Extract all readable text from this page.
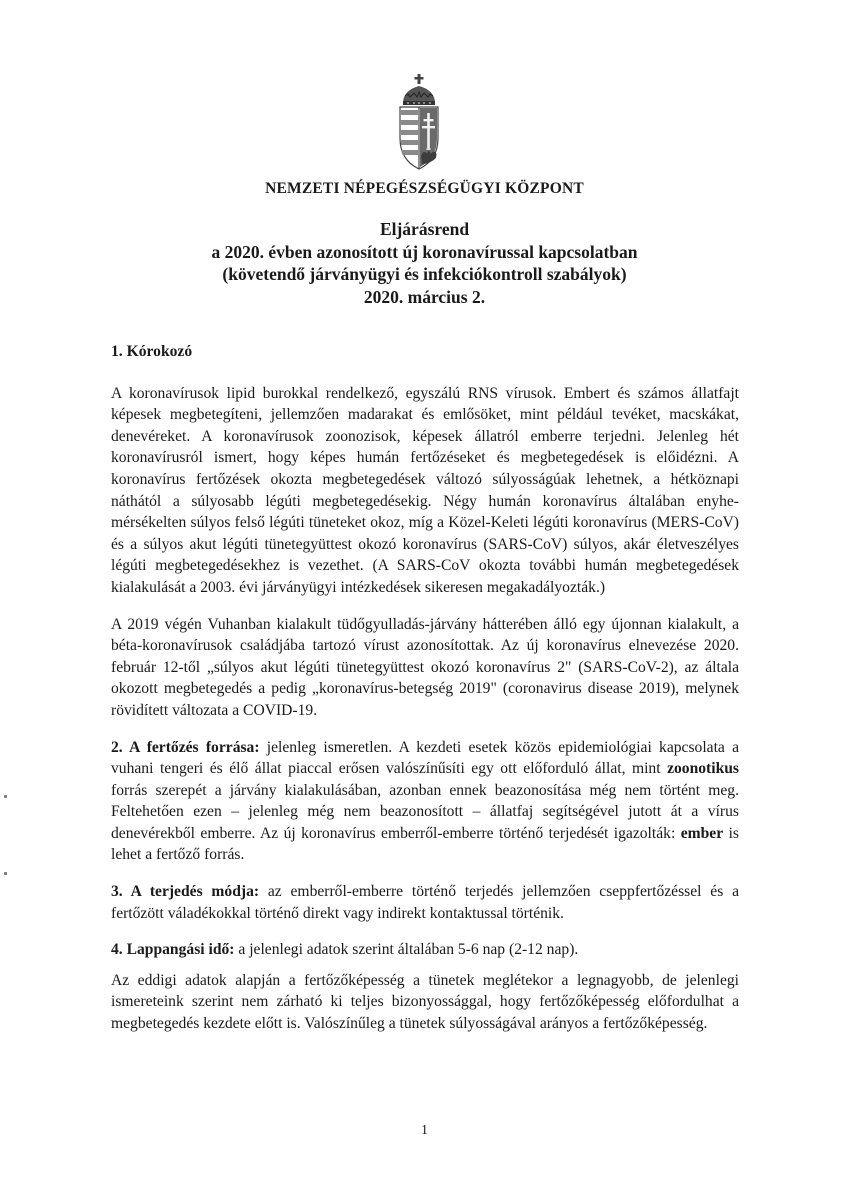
NEMZETI NÉPEGÉSZSÉGÜGYI KÖZPONT
Eljárásrend
a 2020. évben azonosított új koronavírussal kapcsolatban
(követendő járványügyi és infekciókontroll szabályok)
2020. március 2.
1. Kórokozó

A koronavírusok lipid burokkal rendelkező, egyszálú RNS vírusok. Embert és számos állatfajt képesek megbetegíteni, jellemzően madarakat és emlősöket, mint például tevéket, macskákat, denevéreket. A koronavírusok zoonozisok, képesek állatról emberre terjedni. Jelenleg hét koronavírusról ismert, hogy képes humán fertőzéseket és megbetegedések is előidézni. A koronavírus fertőzések okozta megbetegedések változó súlyosságúak lehetnek, a hétköznapi náthától a súlyosabb légúti megbetegedésekig. Négy humán koronavírus általában enyhe- mérsékelten súlyos felső légúti tüneteket okoz, míg a Közel-Keleti légúti koronavírus (MERS-CoV) és a súlyos akut légúti tünetegyüttest okozó koronavírus (SARS-CoV) súlyos, akár életveszélyes légúti megbetegedésekhez is vezethet. (A SARS-CoV okozta további humán megbetegedések kialakulását a 2003. évi járványügyi intézkedések sikeresen megakadályozták.)

A 2019 végén Vuhanban kialakult tüdőgyulladás-járvány hátterében álló egy újonnan kialakult, a béta-koronavírusok családjába tartozó vírust azonosítottak. Az új koronavírus elnevezése 2020. február 12-től „súlyos akut légúti tünetegyüttest okozó koronavírus 2" (SARS-CoV-2), az általa okozott megbetegedés a pedig „koronavírus-betegség 2019" (coronavirus disease 2019), melynek rövidített változata a COVID-19.

2. A fertőzés forrása: jelenleg ismeretlen. A kezdeti esetek közös epidemiológiai kapcsolata a vuhani tengeri és élő állat piaccal erősen valószínűsíti egy ott előforduló állat, mint zoonotikus forrás szerepét a járvány kialakulásában, azonban ennek beazonosítása még nem történt meg. Feltehetően ezen – jelenleg még nem beazonosított – állatfaj segítségével jutott át a vírus denevérekből emberre. Az új koronavírus emberről-emberre történő terjedését igazolták: ember is lehet a fertőző forrás.

3. A terjedés módja: az emberről-emberre történő terjedés jellemzően cseppfertőzéssel és a fertőzött váladékokkal történő direkt vagy indirekt kontaktussal történik.

4. Lappangási idő: a jelenlegi adatok szerint általában 5-6 nap (2-12 nap).

Az eddigi adatok alapján a fertőzőképesség a tünetek meglétekor a legnagyobb, de jelenlegi ismereteink szerint nem zárható ki teljes bizonyossággal, hogy fertőzőképesség előfordulhat a megbetegedés kezdete előtt is. Valószínűleg a tünetek súlyosságával arányos a fertőzőképesség.

1
